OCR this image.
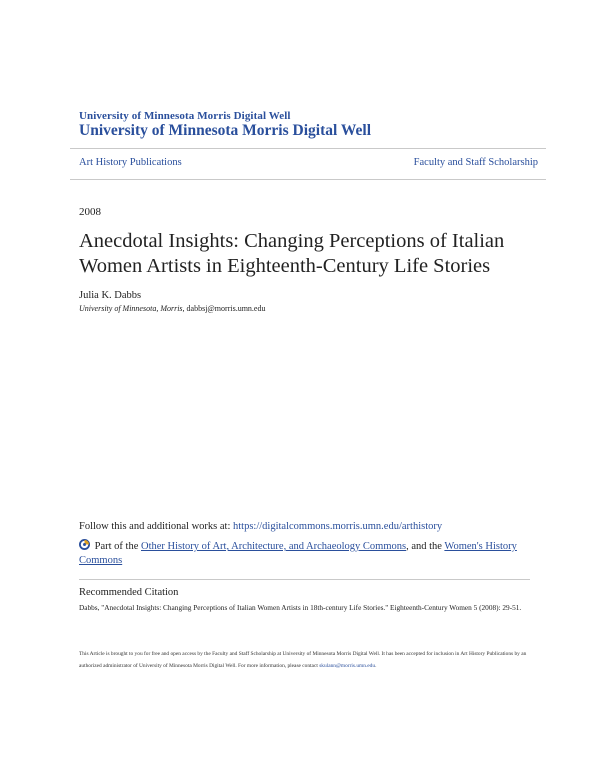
University of Minnesota Morris Digital Well
University of Minnesota Morris Digital Well
Art History Publications	Faculty and Staff Scholarship
2008
Anecdotal Insights: Changing Perceptions of Italian Women Artists in Eighteenth-Century Life Stories
Julia K. Dabbs
University of Minnesota, Morris, dabbsj@morris.umn.edu
Follow this and additional works at: https://digitalcommons.morris.umn.edu/arthistory
Part of the Other History of Art, Architecture, and Archaeology Commons, and the Women's History Commons
Recommended Citation
Dabbs, "Anecdotal Insights: Changing Perceptions of Italian Women Artists in 18th-century Life Stories." Eighteenth-Century Women 5 (2008): 29-51.
This Article is brought to you for free and open access by the Faculty and Staff Scholarship at University of Minnesota Morris Digital Well. It has been accepted for inclusion in Art History Publications by an authorized administrator of University of Minnesota Morris Digital Well. For more information, please contact skulann@morris.umn.edu.
